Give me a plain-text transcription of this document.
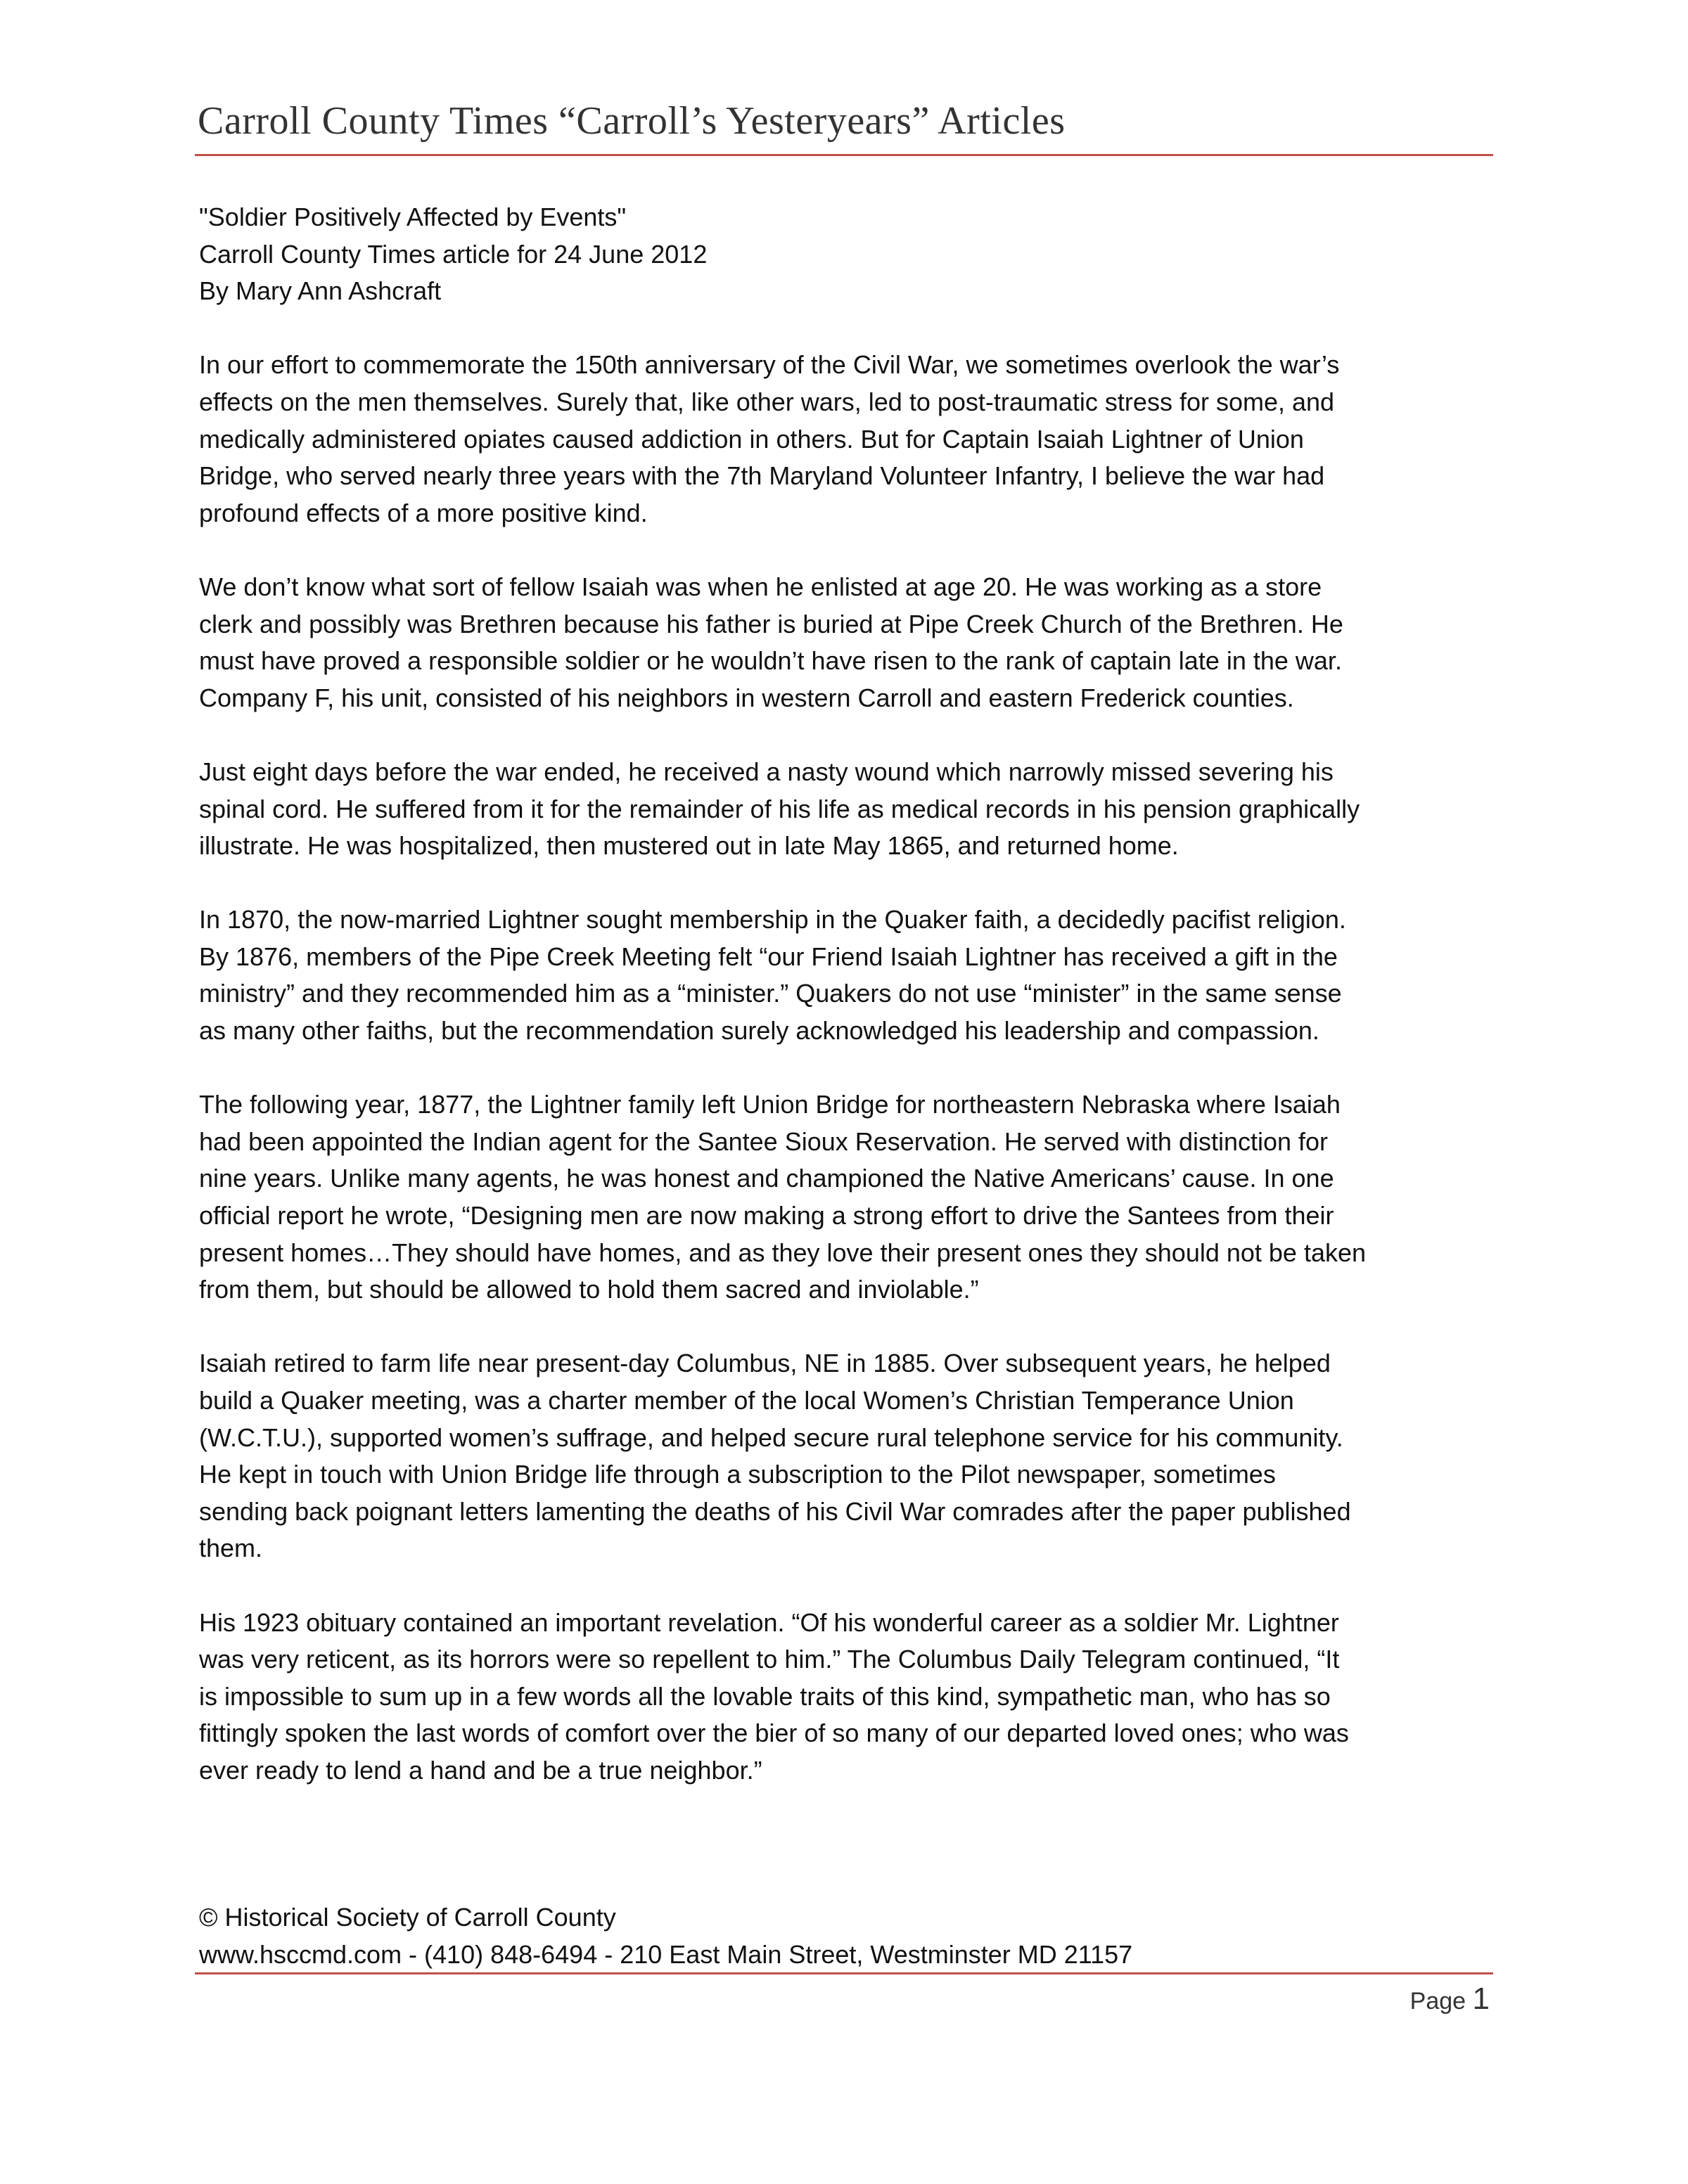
Carroll County Times “Carroll’s Yesteryears” Articles
"Soldier Positively Affected by Events"
Carroll County Times article for 24 June 2012
By Mary Ann Ashcraft
In our effort to commemorate the 150th anniversary of the Civil War, we sometimes overlook the war’s
effects on the men themselves. Surely that, like other wars, led to post-traumatic stress for some, and
medically administered opiates caused addiction in others. But for Captain Isaiah Lightner of Union
Bridge, who served nearly three years with the 7th Maryland Volunteer Infantry, I believe the war had
profound effects of a more positive kind.
We don’t know what sort of fellow Isaiah was when he enlisted at age 20. He was working as a store
clerk and possibly was Brethren because his father is buried at Pipe Creek Church of the Brethren. He
must have proved a responsible soldier or he wouldn’t have risen to the rank of captain late in the war.
Company F, his unit, consisted of his neighbors in western Carroll and eastern Frederick counties.
Just eight days before the war ended, he received a nasty wound which narrowly missed severing his
spinal cord. He suffered from it for the remainder of his life as medical records in his pension graphically
illustrate. He was hospitalized, then mustered out in late May 1865, and returned home.
In 1870, the now-married Lightner sought membership in the Quaker faith, a decidedly pacifist religion.
By 1876, members of the Pipe Creek Meeting felt “our Friend Isaiah Lightner has received a gift in the
ministry” and they recommended him as a “minister.” Quakers do not use “minister” in the same sense
as many other faiths, but the recommendation surely acknowledged his leadership and compassion.
The following year, 1877, the Lightner family left Union Bridge for northeastern Nebraska where Isaiah
had been appointed the Indian agent for the Santee Sioux Reservation. He served with distinction for
nine years. Unlike many agents, he was honest and championed the Native Americans’ cause. In one
official report he wrote, “Designing men are now making a strong effort to drive the Santees from their
present homes…They should have homes, and as they love their present ones they should not be taken
from them, but should be allowed to hold them sacred and inviolable.”
Isaiah retired to farm life near present-day Columbus, NE in 1885. Over subsequent years, he helped
build a Quaker meeting, was a charter member of the local Women’s Christian Temperance Union
(W.C.T.U.), supported women’s suffrage, and helped secure rural telephone service for his community.
He kept in touch with Union Bridge life through a subscription to the Pilot newspaper, sometimes
sending back poignant letters lamenting the deaths of his Civil War comrades after the paper published
them.
His 1923 obituary contained an important revelation. “Of his wonderful career as a soldier Mr. Lightner
was very reticent, as its horrors were so repellent to him.” The Columbus Daily Telegram continued, “It
is impossible to sum up in a few words all the lovable traits of this kind, sympathetic man, who has so
fittingly spoken the last words of comfort over the bier of so many of our departed loved ones; who was
ever ready to lend a hand and be a true neighbor.”
© Historical Society of Carroll County
www.hsccmd.com - (410) 848-6494 - 210 East Main Street, Westminster MD 21157
Page 1
